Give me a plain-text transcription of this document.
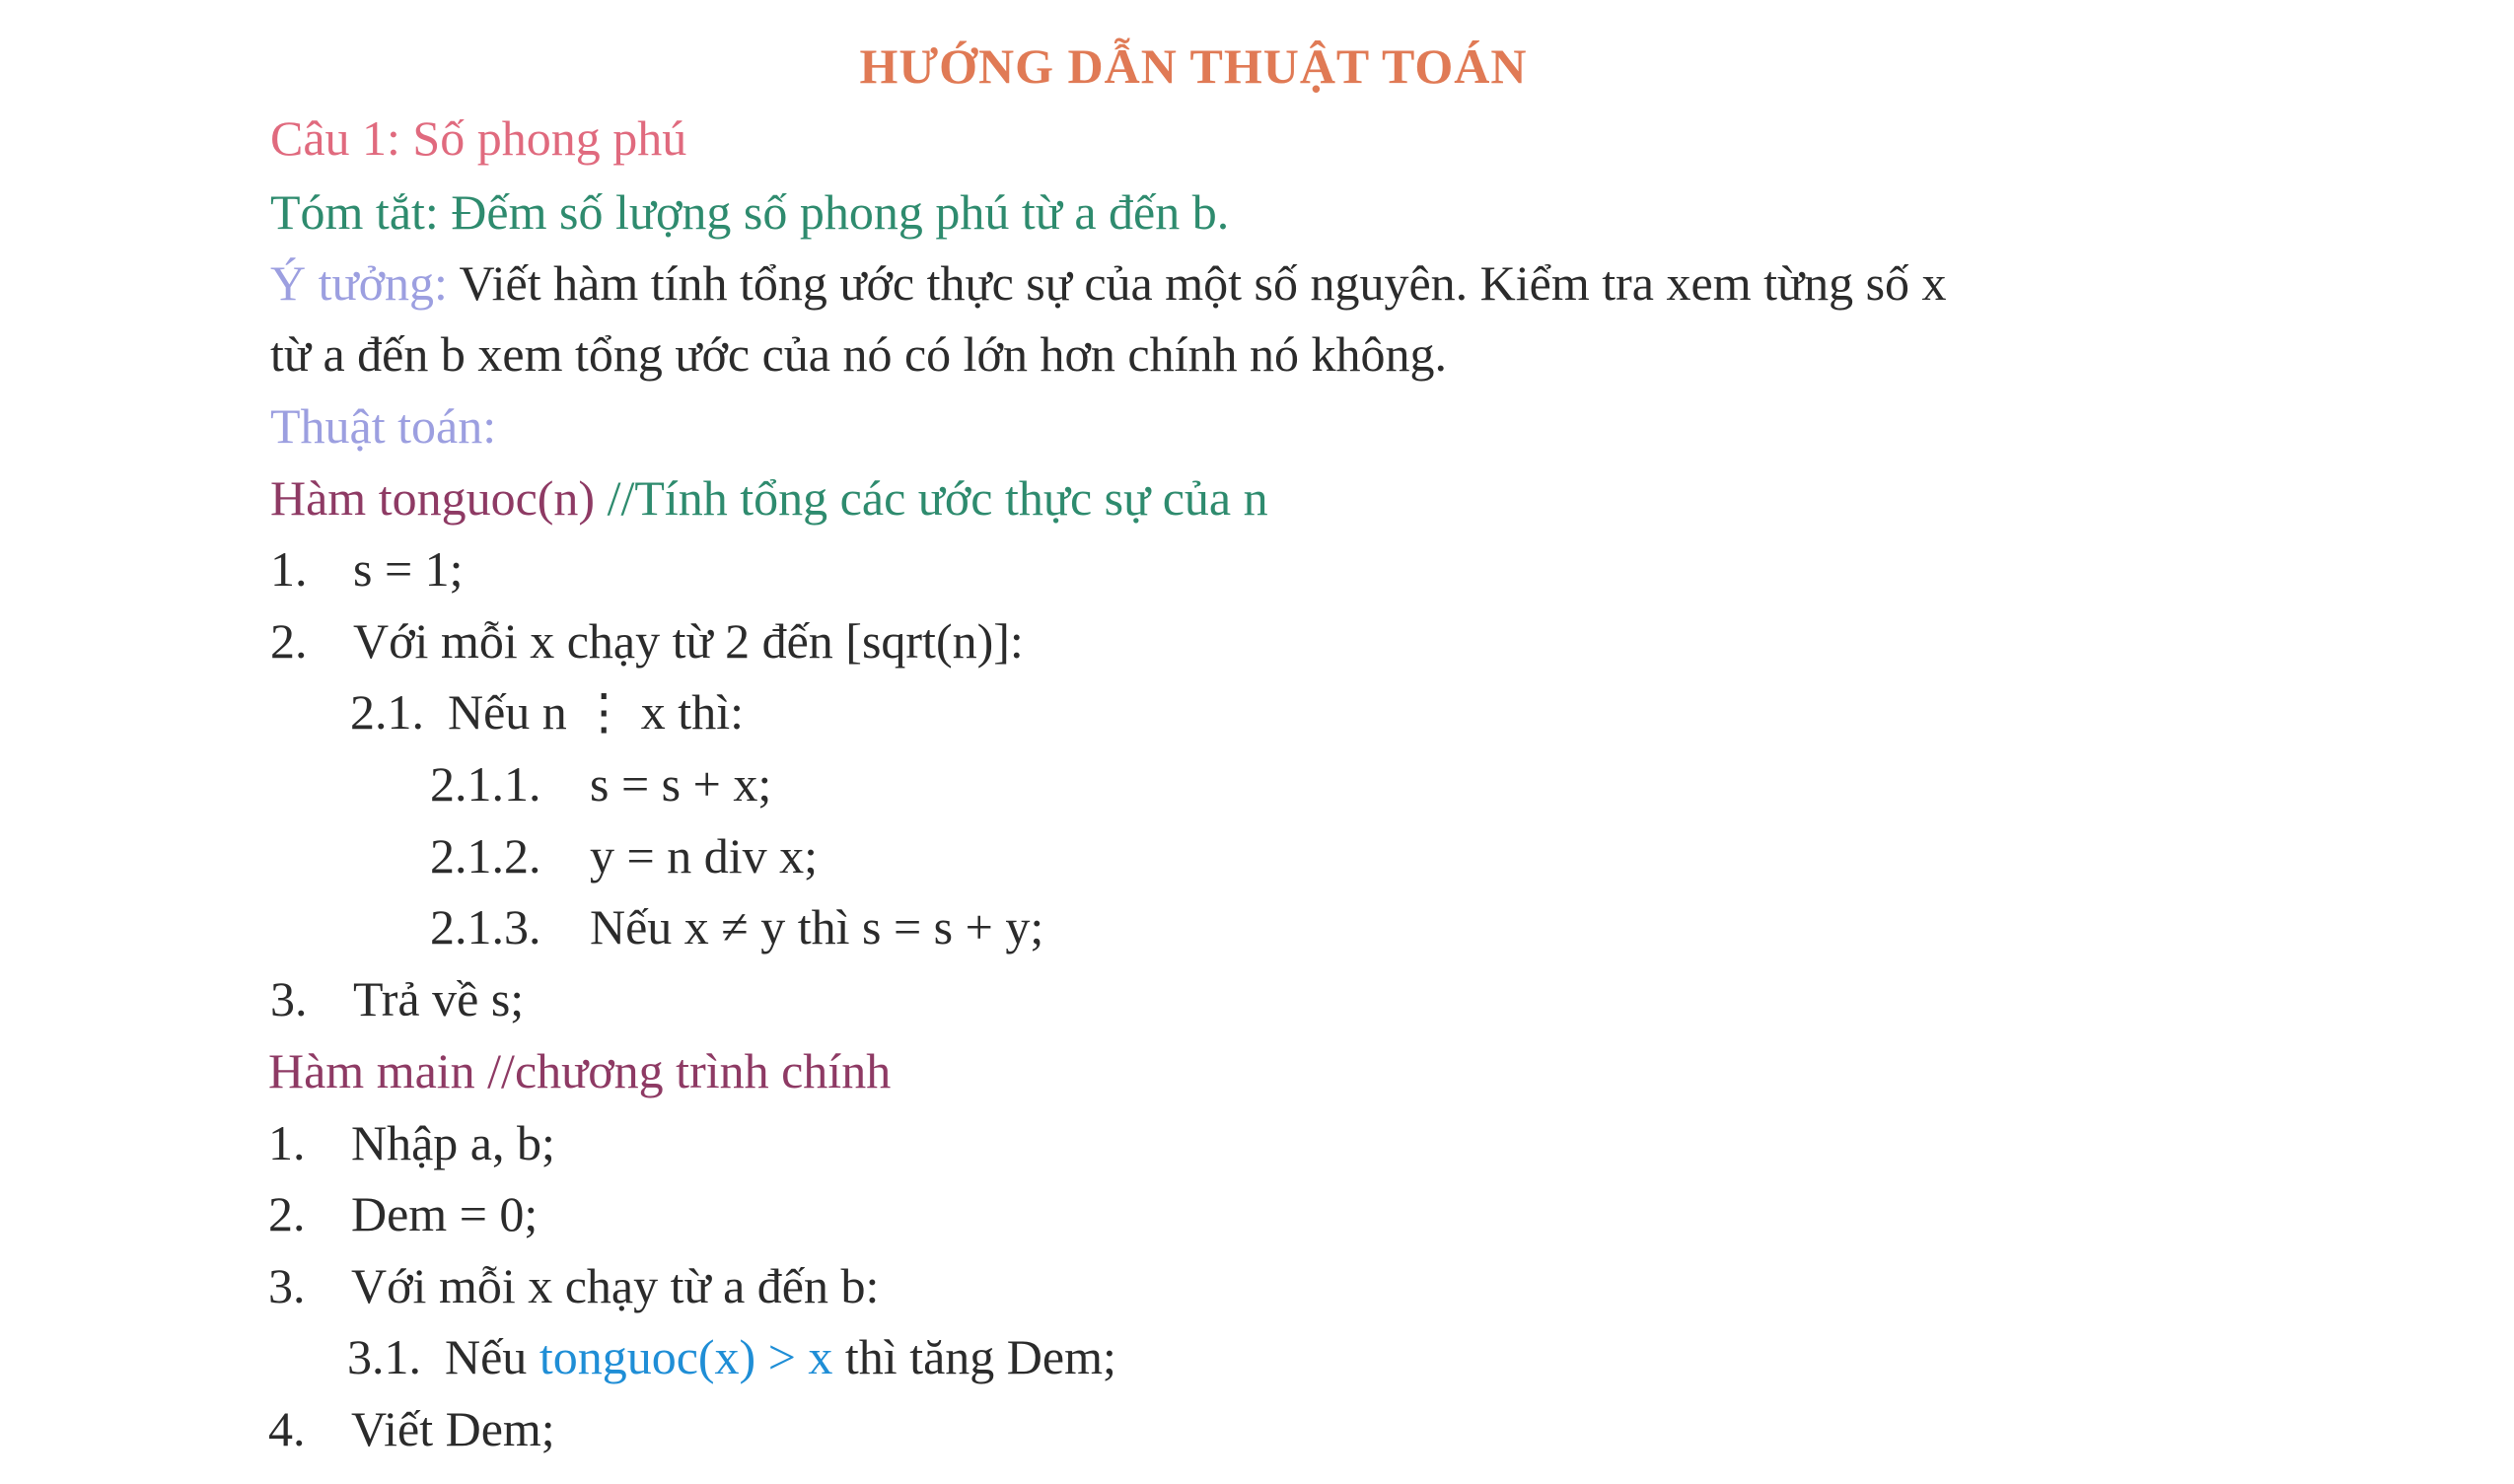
HƯỚNG DẪN THUẬT TOÁN
Câu 1: Số phong phú
Tóm tắt: Đếm số lượng số phong phú từ a đến b.
Ý tưởng: Viết hàm tính tổng ước thực sự của một số nguyên. Kiểm tra xem từng số x
từ a đến b xem tổng ước của nó có lớn hơn chính nó không.
Thuật toán:
Hàm tonguoc(n) //Tính tổng các ước thực sự của n
1. s = 1;
2. Với mỗi x chạy từ 2 đến [sqrt(n)]:
2.1. Nếu n ⋮ x thì:
2.1.1. s = s + x;
2.1.2. y = n div x;
2.1.3. Nếu x ≠ y thì s = s + y;
3. Trả về s;
Hàm main //chương trình chính
1. Nhập a, b;
2. Dem = 0;
3. Với mỗi x chạy từ a đến b:
3.1. Nếu tonguoc(x) > x thì tăng Dem;
4. Viết Dem;
